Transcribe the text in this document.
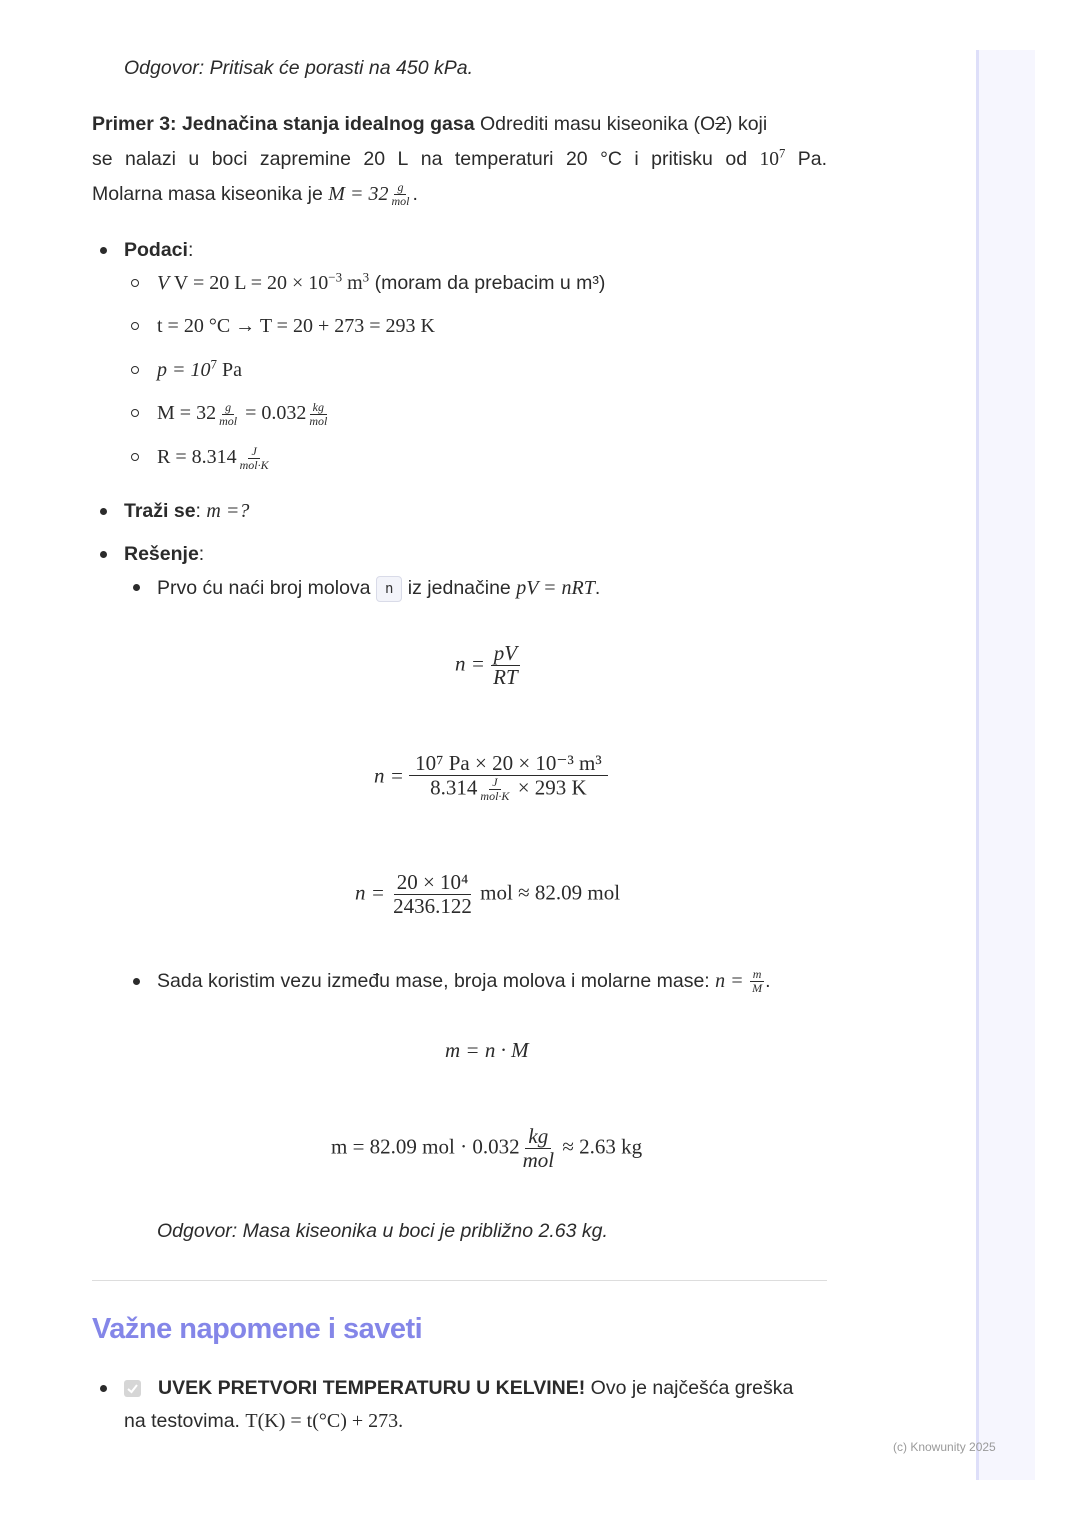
Odgovor: Pritisak će porasti na 450 kPa.
Primer 3: Jednačina stanja idealnog gasa Odrediti masu kiseonika (O2) koji
se nalazi u boci zapremine 20 L na temperaturi 20 °C i pritisku od $10^7$ Pa.
Molarna masa kiseonika je $M = 32 \frac{g}{\text{mol}}$ .
Podaci:
V V = 20 $L = 20 \times 10^{-3}$ $m^3$ (moram da prebacim u m³)
t = 20 °C → T = 20 + 273 = 293 K
$p = 10^7$ Pa
$M = 32 \frac{g}{\text{mol}} = 0.032 \frac{kg}{\text{mol}}$
$R = 8.314 \frac{J}{\text{mol·K}}$
Traži se: m =?
Rešenje:
Prvo ću naći broj molova n iz jednačine pV = nRT.
$n = \frac{pV}{RT}$
$n = \frac{\text{10⁷ Pa × 20 × 10⁻³ m³}}{8.314 \frac{J}{\text{mol·K}} \times 293 K}$
$n = \frac{\text{20 × 10⁴}}{2436.122}$ mol ≈ 82.09 mol
Sada koristim vezu između mase, broja molova i molarne mase: $n = \frac{m}{M}$ .
m = n · M
m = 82.09 mol · $0.032 \frac{kg}{\text{mol}} \approx 2.63$ kg
Odgovor: Masa kiseonika u boci je približno 2.63 kg.
Važne napomene i saveti
UVEK PRETVORI TEMPERATURU U KELVINE! Ovo je najčešća greška
na testovima. T(K) = t(°C) + 273.
(c) Knowunity 2025
